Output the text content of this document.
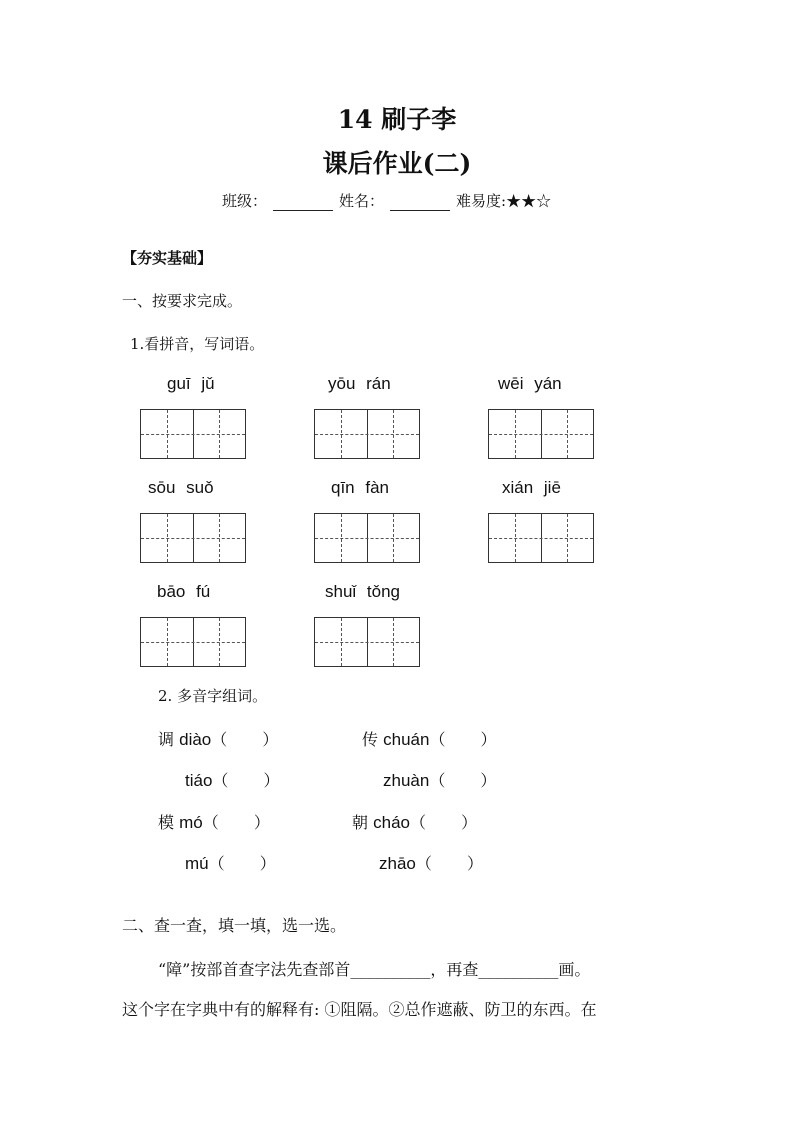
14 刷子李
课后作业(二)
班级：	姓名：	难易度:★★☆
【夯实基础】
一、按要求完成。
1.看拼音，写词语。
guī jǔ	yōu rán	wēi yán
sōu suǒ	qīn fàn	xián jiē
bāo fú	shuǐ tǒng
2. 多音字组词。
调 diào（ ）	传 chuán（ ）
tiáo（ ）	zhuàn（ ）
模 mó（ ）	朝 cháo（ ）
mú（ ）	zhāo（ ）
二、查一查，填一填，选一选。
“障”按部首查字法先查部首__________，再查__________画。
这个字在字典中有的解释有: ①阻隔。②总作遮蔽、防卫的东西。在
